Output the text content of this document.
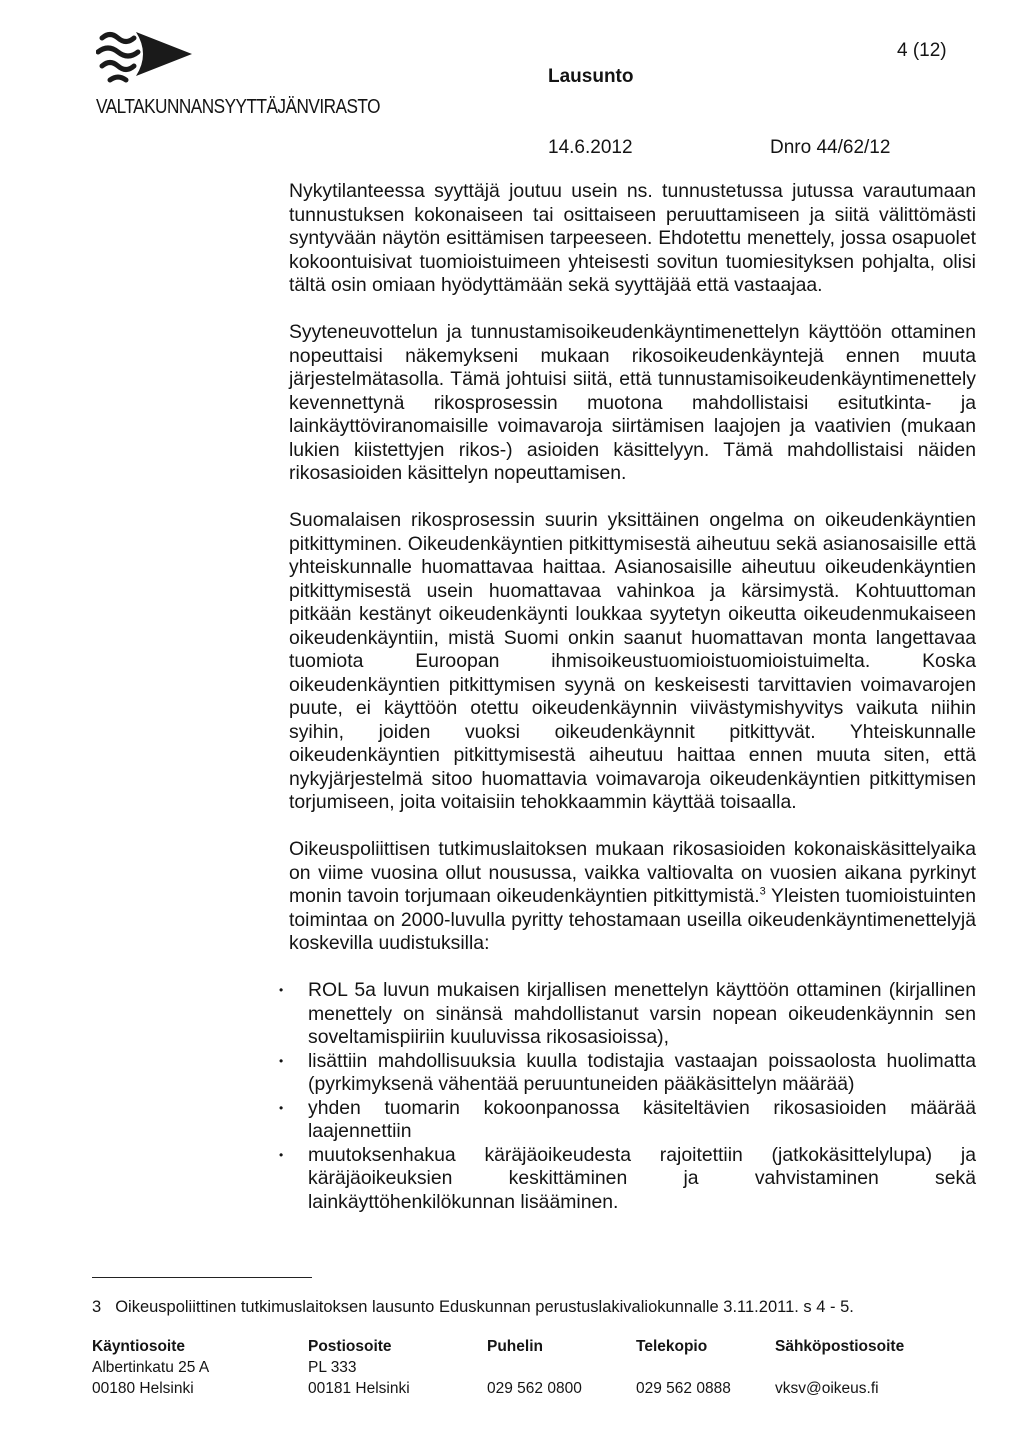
VALTAKUNNANSYYTTÄJÄNVIRASTO
Lausunto
4 (12)
14.6.2012	Dnro 44/62/12

Nykytilanteessa syyttäjä joutuu usein ns. tunnustetussa jutussa varautumaan tunnustuksen kokonaiseen tai osittaiseen peruuttamiseen ja siitä välittömästi syntyvään näytön esittämisen tarpeeseen. Ehdotettu menettely, jossa osapuolet kokoontuisivat tuomioistuimeen yhteisesti sovitun tuomiesityksen pohjalta, olisi tältä osin omiaan hyödyttämään sekä syyttäjää että vastaajaa.

Syyteneuvottelun ja tunnustamisoikeudenkäyntimenettelyn käyttöön ottaminen nopeuttaisi näkemykseni mukaan rikosoikeudenkäyntejä ennen muuta järjestelmätasolla. Tämä johtuisi siitä, että tunnustamisoikeudenkäyntimenettely kevennettynä rikosprosessin muotona mahdollistaisi esitutkinta- ja lainkäyttöviranomaisille voimavaroja siirtämisen laajojen ja vaativien (mukaan lukien kiistettyjen rikos-) asioiden käsittelyyn. Tämä mahdollistaisi näiden rikosasioiden käsittelyn nopeuttamisen.

Suomalaisen rikosprosessin suurin yksittäinen ongelma on oikeudenkäyntien pitkittyminen. Oikeudenkäyntien pitkittymisestä aiheutuu sekä asianosaisille että yhteiskunnalle huomattavaa haittaa. Asianosaisille aiheutuu oikeudenkäyntien pitkittymisestä usein huomattavaa vahinkoa ja kärsimystä. Kohtuuttoman pitkään kestänyt oikeudenkäynti loukkaa syytetyn oikeutta oikeudenmukaiseen oikeudenkäyntiin, mistä Suomi onkin saanut huomattavan monta langettavaa tuomiota Euroopan ihmisoikeustuomioistuomioistuimelta. Koska oikeudenkäyntien pitkittymisen syynä on keskeisesti tarvittavien voimavarojen puute, ei käyttöön otettu oikeudenkäynnin viivästymishyvitys vaikuta niihin syihin, joiden vuoksi oikeudenkäynnit pitkittyvät. Yhteiskunnalle oikeudenkäyntien pitkittymisestä aiheutuu haittaa ennen muuta siten, että nykyjärjestelmä sitoo huomattavia voimavaroja oikeudenkäyntien pitkittymisen torjumiseen, joita voitaisiin tehokkaammin käyttää toisaalla.

Oikeuspoliittisen tutkimuslaitoksen mukaan rikosasioiden kokonaiskäsittelyaika on viime vuosina ollut nousussa, vaikka valtiovalta on vuosien aikana pyrkinyt monin tavoin torjumaan oikeudenkäyntien pitkittymistä.$^3$ Yleisten tuomioistuinten toimintaa on 2000-luvulla pyritty tehostamaan useilla oikeudenkäyntimenettelyjä koskevilla uudistuksilla:

• ROL 5a luvun mukaisen kirjallisen menettelyn käyttöön ottaminen (kirjallinen menettely on sinänsä mahdollistanut varsin nopean oikeudenkäynnin sen soveltamispiiriin kuuluvissa rikosasioissa),
• lisättiin mahdollisuuksia kuulla todistajia vastaajan poissaolosta huolimatta (pyrkimyksenä vähentää peruuntuneiden pääkäsittelyn määrää)
• yhden tuomarin kokoonpanossa käsiteltävien rikosasioiden määrää laajennettiin
• muutoksenhakua käräjäoikeudesta rajoitettiin (jatkokäsittelylupa) ja käräjäoikeuksien keskittäminen ja vahvistaminen sekä lainkäyttöhenkilökunnan lisääminen.
3 Oikeuspoliittinen tutkimuslaitoksen lausunto Eduskunnan perustuslakivaliokunnalle 3.11.2011. s 4 - 5.
Käyntiosoite
Albertinkatu 25 A
00180 Helsinki
Postiosoite
PL 333
00181 Helsinki
Puhelin

029 562 0800
Telekopio

029 562 0888
Sähköpostiosoite

vksv@oikeus.fi
